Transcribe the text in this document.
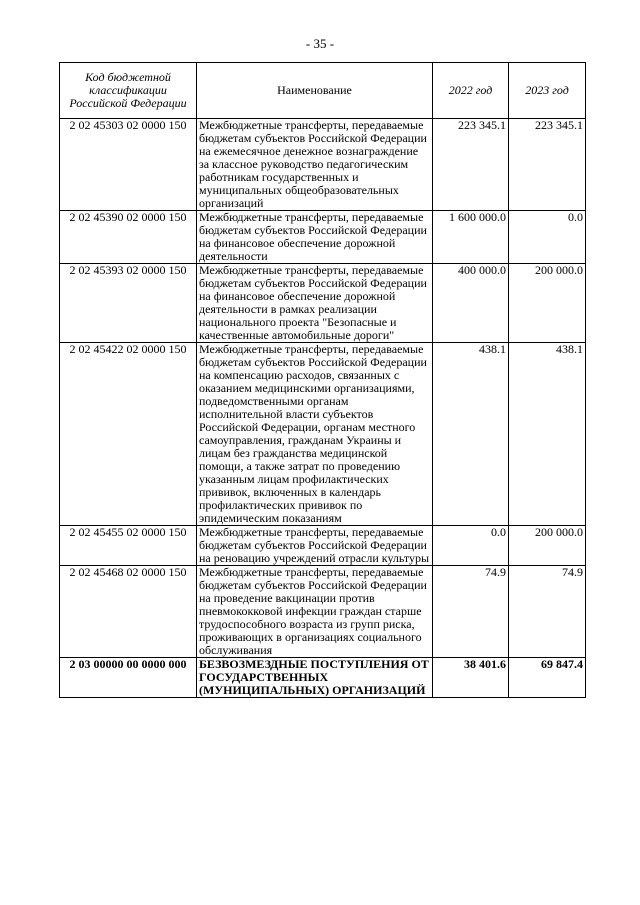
- 35 -
Код бюджетной классификации Российской Федерации	Наименование	2022 год	2023 год
2 02 45303 02 0000 150	Межбюджетные трансферты, передаваемые бюджетам субъектов Российской Федерации на ежемесячное денежное вознаграждение за классное руководство педагогическим работникам государственных и муниципальных общеобразовательных организаций	223 345.1	223 345.1
2 02 45390 02 0000 150	Межбюджетные трансферты, передаваемые бюджетам субъектов Российской Федерации на финансовое обеспечение дорожной деятельности	1 600 000.0	0.0
2 02 45393 02 0000 150	Межбюджетные трансферты, передаваемые бюджетам субъектов Российской Федерации на финансовое обеспечение дорожной деятельности в рамках реализации национального проекта "Безопасные и качественные автомобильные дороги"	400 000.0	200 000.0
2 02 45422 02 0000 150	Межбюджетные трансферты, передаваемые бюджетам субъектов Российской Федерации на компенсацию расходов, связанных с оказанием медицинскими организациями, подведомственными органам исполнительной власти субъектов Российской Федерации, органам местного самоуправления, гражданам Украины и лицам без гражданства медицинской помощи, а также затрат по проведению указанным лицам профилактических прививок, включенных в календарь профилактических прививок по эпидемическим показаниям	438.1	438.1
2 02 45455 02 0000 150	Межбюджетные трансферты, передаваемые бюджетам субъектов Российской Федерации на реновацию учреждений отрасли культуры	0.0	200 000.0
2 02 45468 02 0000 150	Межбюджетные трансферты, передаваемые бюджетам субъектов Российской Федерации на проведение вакцинации против пневмококковой инфекции граждан старше трудоспособного возраста из групп риска, проживающих в организациях социального обслуживания	74.9	74.9
2 03 00000 00 0000 000	БЕЗВОЗМЕЗДНЫЕ ПОСТУПЛЕНИЯ ОТ ГОСУДАРСТВЕННЫХ (МУНИЦИПАЛЬНЫХ) ОРГАНИЗАЦИЙ	38 401.6	69 847.4
